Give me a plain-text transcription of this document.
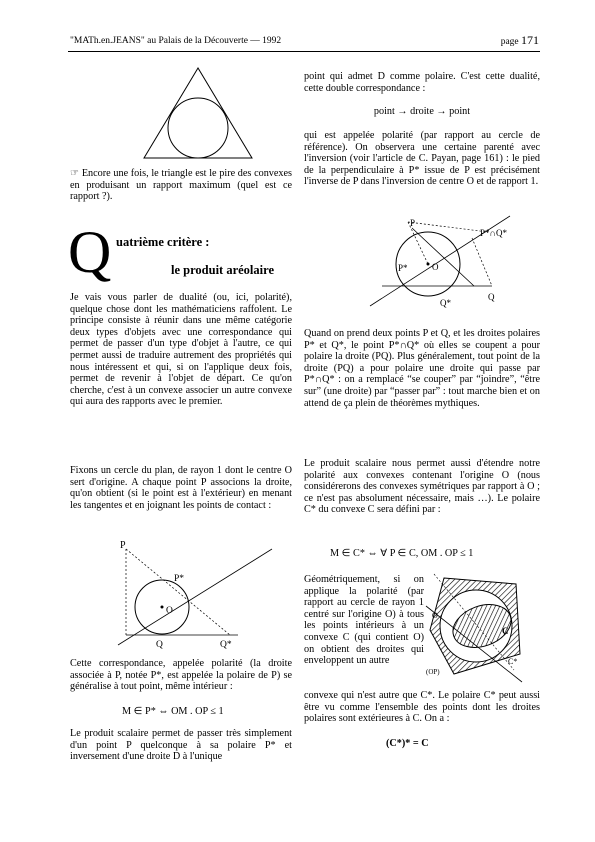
"MATh.en.JEANS" au Palais de la Découverte — 1992	page 171
☞ Encore une fois, le triangle est le pire des convexes en produisant un rapport maximum (quel est ce rapport ?).
Q uatrième critère :
le produit aréolaire
Je vais vous parler de dualité (ou, ici, polarité), quelque chose dont les mathématiciens raffolent. Le principe consiste à réunir dans une même catégorie deux types d'objets avec une correspondance qui permet de passer d'un type d'objet à l'autre, ce qui permet aussi de traduire autrement des propriétés qui nous intéressent et qui, si on l'applique deux fois, permet de revenir à l'objet de départ. Ce qu'on cherche, c'est à un convexe associer un autre convexe qui aura des rapports avec le premier.
Fixons un cercle du plan, de rayon 1 dont le centre O sert d'origine. A chaque point P associons la droite, qu'on obtient (si le point est à l'extérieur) en menant les tangentes et en joignant les points de contact :
P
P*
O
Q	Q*
Cette correspondance, appelée polarité (la droite associée à P, notée P*, est appelée la polaire de P) se généralise à tout point, même intérieur :
M ∈ P* ⇔ OM . OP ≤ 1
Le produit scalaire permet de passer très simplement d'un point P quelconque à sa polaire P* et inversement d'une droite D à l'unique
point qui admet D comme polaire. C'est cette dualité, cette double correspondance :
point → droite → point
qui est appelée polarité (par rapport au cercle de référence). On observera une certaine parenté avec l'inversion (voir l'article de C. Payan, page 161) : le pied de la perpendiculaire à P* issue de P est précisément l'inverse de P dans l'inversion de centre O et de rapport 1.
P
P*∩Q*
P*	O
Q*
Q
Quand on prend deux points P et Q, et les droites polaires P* et Q*, le point P*∩Q* où elles se coupent a pour polaire la droite (PQ). Plus généralement, tout point de la droite (PQ) a pour polaire une droite qui passe par P*∩Q* : on a remplacé “se couper” par “joindre”, “être sur” (une droite) par “passer par” : tout marche bien et on attend de ça plein de théorèmes mythiques.
Le produit scalaire nous permet aussi d'étendre notre polarité aux convexes contenant l'origine O (nous considérerons des convexes symétriques par rapport à O ; ce n'est pas absolument nécessaire, mais …). Le polaire C* du convexe C sera défini par :
M ∈ C* ⇔ ∀ P ∈ C, OM . OP ≤ 1
Géométriquement, si on applique la polarité (par rapport au cercle de rayon 1 centré sur l'origine O) à tous les points intérieurs à un convexe C (qui contient O) on obtient des droites qui enveloppent un autre
O
C
C*
(OP)
convexe qui n'est autre que C*. Le polaire C* peut aussi être vu comme l'ensemble des points dont les droites polaires sont extérieures à C. On a :
(C*)* = C
